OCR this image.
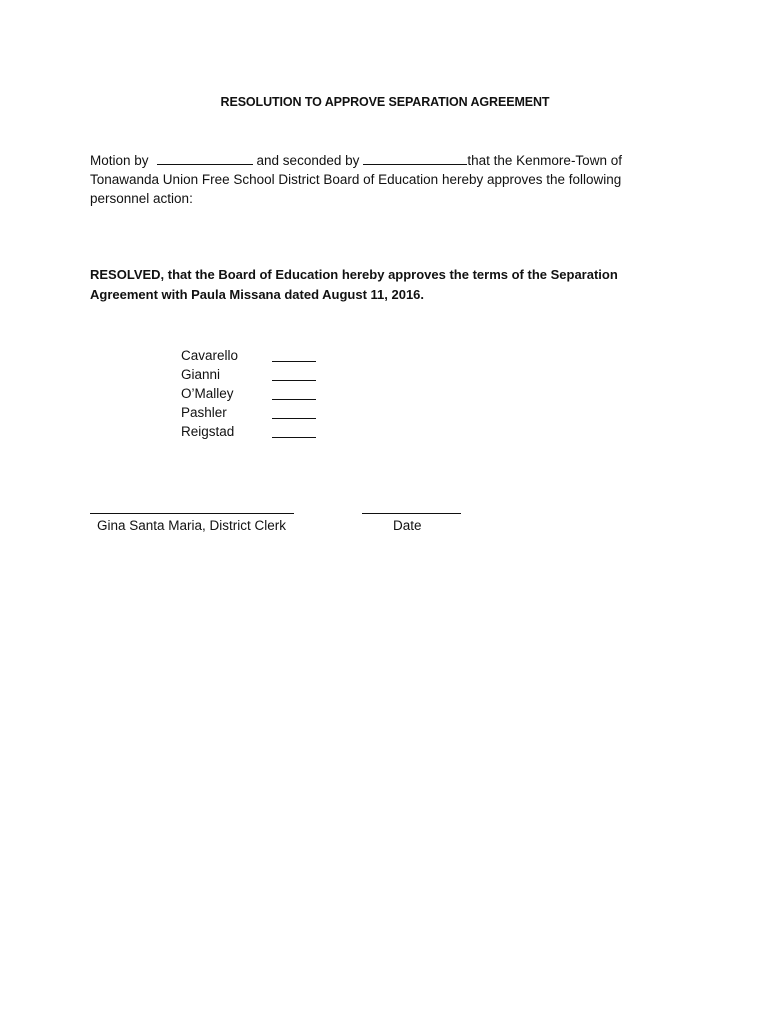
RESOLUTION TO APPROVE SEPARATION AGREEMENT
Motion by	and seconded by	that the Kenmore-Town of Tonawanda Union Free School District Board of Education hereby approves the following personnel action:
RESOLVED, that the Board of Education hereby approves the terms of the Separation Agreement with Paula Missana dated August 11, 2016.
Cavarello
Gianni
O’Malley
Pashler
Reigstad
Gina Santa Maria, District Clerk	Date
